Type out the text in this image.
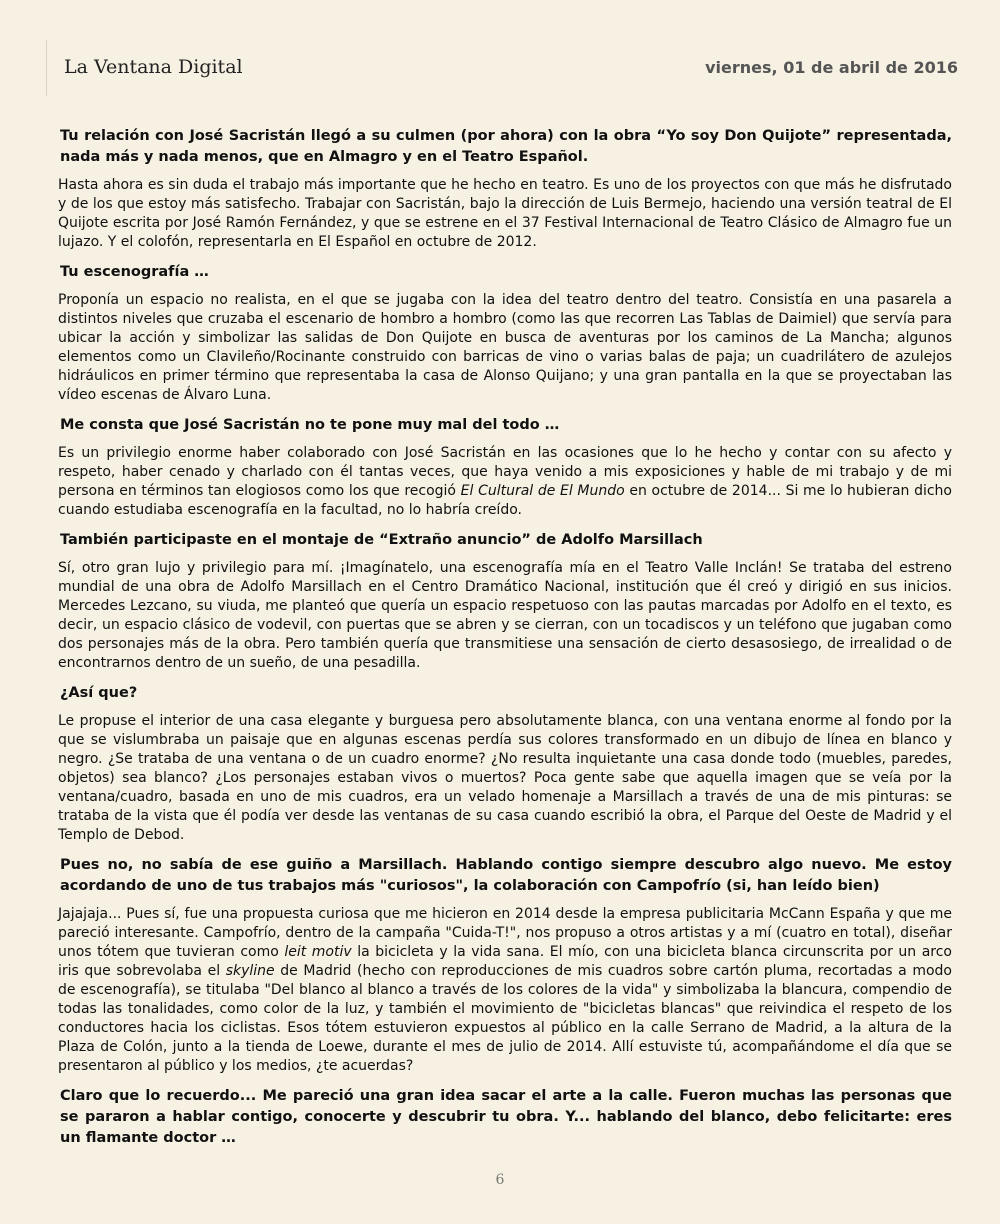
La Ventana Digital	viernes, 01 de abril de 2016

Tu relación con José Sacristán llegó a su culmen (por ahora) con la obra “Yo soy Don Quijote” representada, nada más y nada menos, que en Almagro y en el Teatro Español.

Hasta ahora es sin duda el trabajo más importante que he hecho en teatro. Es uno de los proyectos con que más he disfrutado y de los que estoy más satisfecho. Trabajar con Sacristán, bajo la dirección de Luis Bermejo, haciendo una versión teatral de El Quijote escrita por José Ramón Fernández, y que se estrene en el 37 Festival Internacional de Teatro Clásico de Almagro fue un lujazo. Y el colofón, representarla en El Español en octubre de 2012.

Tu escenografía …

Proponía un espacio no realista, en el que se jugaba con la idea del teatro dentro del teatro. Consistía en una pasarela a distintos niveles que cruzaba el escenario de hombro a hombro (como las que recorren Las Tablas de Daimiel) que servía para ubicar la acción y simbolizar las salidas de Don Quijote en busca de aventuras por los caminos de La Mancha; algunos elementos como un Clavileño/Rocinante construido con barricas de vino o varias balas de paja; un cuadrilátero de azulejos hidráulicos en primer término que representaba la casa de Alonso Quijano; y una gran pantalla en la que se proyectaban las vídeo escenas de Álvaro Luna.

Me consta que José Sacristán no te pone muy mal del todo …

Es un privilegio enorme haber colaborado con José Sacristán en las ocasiones que lo he hecho y contar con su afecto y respeto, haber cenado y charlado con él tantas veces, que haya venido a mis exposiciones y hable de mi trabajo y de mi persona en términos tan elogiosos como los que recogió El Cultural de El Mundo en octubre de 2014... Si me lo hubieran dicho cuando estudiaba escenografía en la facultad, no lo habría creído.

También participaste en el montaje de “Extraño anuncio” de Adolfo Marsillach

Sí, otro gran lujo y privilegio para mí. ¡Imagínatelo, una escenografía mía en el Teatro Valle Inclán! Se trataba del estreno mundial de una obra de Adolfo Marsillach en el Centro Dramático Nacional, institución que él creó y dirigió en sus inicios. Mercedes Lezcano, su viuda, me planteó que quería un espacio respetuoso con las pautas marcadas por Adolfo en el texto, es decir, un espacio clásico de vodevil, con puertas que se abren y se cierran, con un tocadiscos y un teléfono que jugaban como dos personajes más de la obra. Pero también quería que transmitiese una sensación de cierto desasosiego, de irrealidad o de encontrarnos dentro de un sueño, de una pesadilla.

¿Así que?

Le propuse el interior de una casa elegante y burguesa pero absolutamente blanca, con una ventana enorme al fondo por la que se vislumbraba un paisaje que en algunas escenas perdía sus colores transformado en un dibujo de línea en blanco y negro. ¿Se trataba de una ventana o de un cuadro enorme? ¿No resulta inquietante una casa donde todo (muebles, paredes, objetos) sea blanco? ¿Los personajes estaban vivos o muertos? Poca gente sabe que aquella imagen que se veía por la ventana/cuadro, basada en uno de mis cuadros, era un velado homenaje a Marsillach a través de una de mis pinturas: se trataba de la vista que él podía ver desde las ventanas de su casa cuando escribió la obra, el Parque del Oeste de Madrid y el Templo de Debod.

Pues no, no sabía de ese guiño a Marsillach. Hablando contigo siempre descubro algo nuevo. Me estoy acordando de uno de tus trabajos más "curiosos", la colaboración con Campofrío (si, han leído bien)

Jajajaja... Pues sí, fue una propuesta curiosa que me hicieron en 2014 desde la empresa publicitaria McCann España y que me pareció interesante. Campofrío, dentro de la campaña "Cuida-T!", nos propuso a otros artistas y a mí (cuatro en total), diseñar unos tótem que tuvieran como leit motiv la bicicleta y la vida sana. El mío, con una bicicleta blanca circunscrita por un arco iris que sobrevolaba el skyline de Madrid (hecho con reproducciones de mis cuadros sobre cartón pluma, recortadas a modo de escenografía), se titulaba "Del blanco al blanco a través de los colores de la vida" y simbolizaba la blancura, compendio de todas las tonalidades, como color de la luz, y también el movimiento de "bicicletas blancas" que reivindica el respeto de los conductores hacia los ciclistas. Esos tótem estuvieron expuestos al público en la calle Serrano de Madrid, a la altura de la Plaza de Colón, junto a la tienda de Loewe, durante el mes de julio de 2014. Allí estuviste tú, acompañándome el día que se presentaron al público y los medios, ¿te acuerdas?

Claro que lo recuerdo... Me pareció una gran idea sacar el arte a la calle. Fueron muchas las personas que se pararon a hablar contigo, conocerte y descubrir tu obra. Y... hablando del blanco, debo felicitarte: eres un flamante doctor …

6
